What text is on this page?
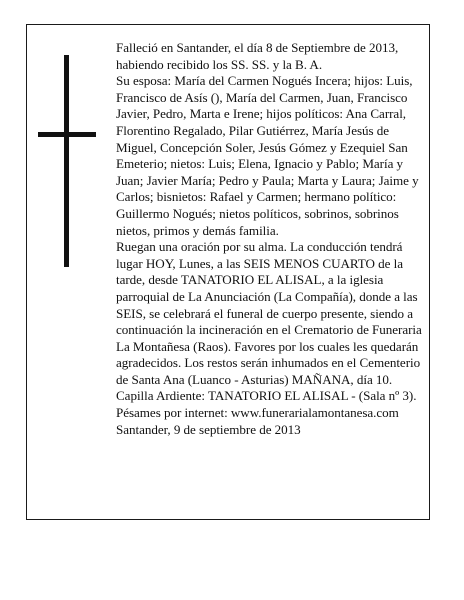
Falleció en Santander, el día 8 de Septiembre de 2013, habiendo recibido los SS. SS. y la B. A.

Su esposa: María del Carmen Nogués Incera; hijos: Luis, Francisco de Asís (), María del Carmen, Juan, Francisco Javier, Pedro, Marta e Irene; hijos políticos: Ana Carral, Florentino Regalado, Pilar Gutiérrez, María Jesús de Miguel, Concepción Soler, Jesús Gómez y Ezequiel San Emeterio; nietos: Luis; Elena, Ignacio y Pablo; María y Juan; Javier María; Pedro y Paula; Marta y Laura; Jaime y Carlos; bisnietos: Rafael y Carmen; hermano político: Guillermo Nogués; nietos políticos, sobrinos, sobrinos nietos, primos y demás familia.

Ruegan una oración por su alma. La conducción tendrá lugar HOY, Lunes, a las SEIS MENOS CUARTO de la tarde, desde TANATORIO EL ALISAL, a la iglesia parroquial de La Anunciación (La Compañía), donde a las SEIS, se celebrará el funeral de cuerpo presente, siendo a continuación la incineración en el Crematorio de Funeraria La Montañesa (Raos). Favores por los cuales les quedarán agradecidos. Los restos serán inhumados en el Cementerio de Santa Ana (Luanco - Asturias) MAÑANA, día 10. Capilla Ardiente: TANATORIO EL ALISAL - (Sala nº 3).

Pésames por internet: www.funerarialamontanesa.com

Santander, 9 de septiembre de 2013
